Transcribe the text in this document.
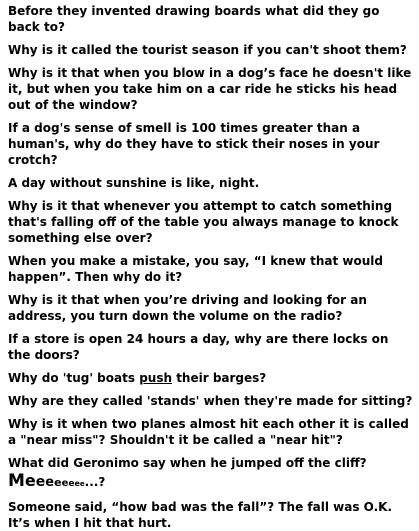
Before they invented drawing boards what did they go back to?

Why is it called the tourist season if you can't shoot them?

Why is it that when you blow in a dog’s face he doesn't like it, but when you take him on a car ride he sticks his head out of the window?

If a dog's sense of smell is 100 times greater than a human's, why do they have to stick their noses in your crotch?

A day without sunshine is like, night.

Why is it that whenever you attempt to catch something that's falling off of the table you always manage to knock something else over?

When you make a mistake, you say, “I knew that would happen”. Then why do it?

Why is it that when you’re driving and looking for an address, you turn down the volume on the radio?

If a store is open 24 hours a day, why are there locks on the doors?

Why do 'tug' boats push their barges?

Why are they called 'stands' when they're made for sitting?

Why is it when two planes almost hit each other it is called a "near miss"? Shouldn't it be called a "near hit"?

What did Geronimo say when he jumped off the cliff?

Meeeeeeee...?

Someone said, “how bad was the fall”? The fall was O.K. It’s when I hit that hurt.
